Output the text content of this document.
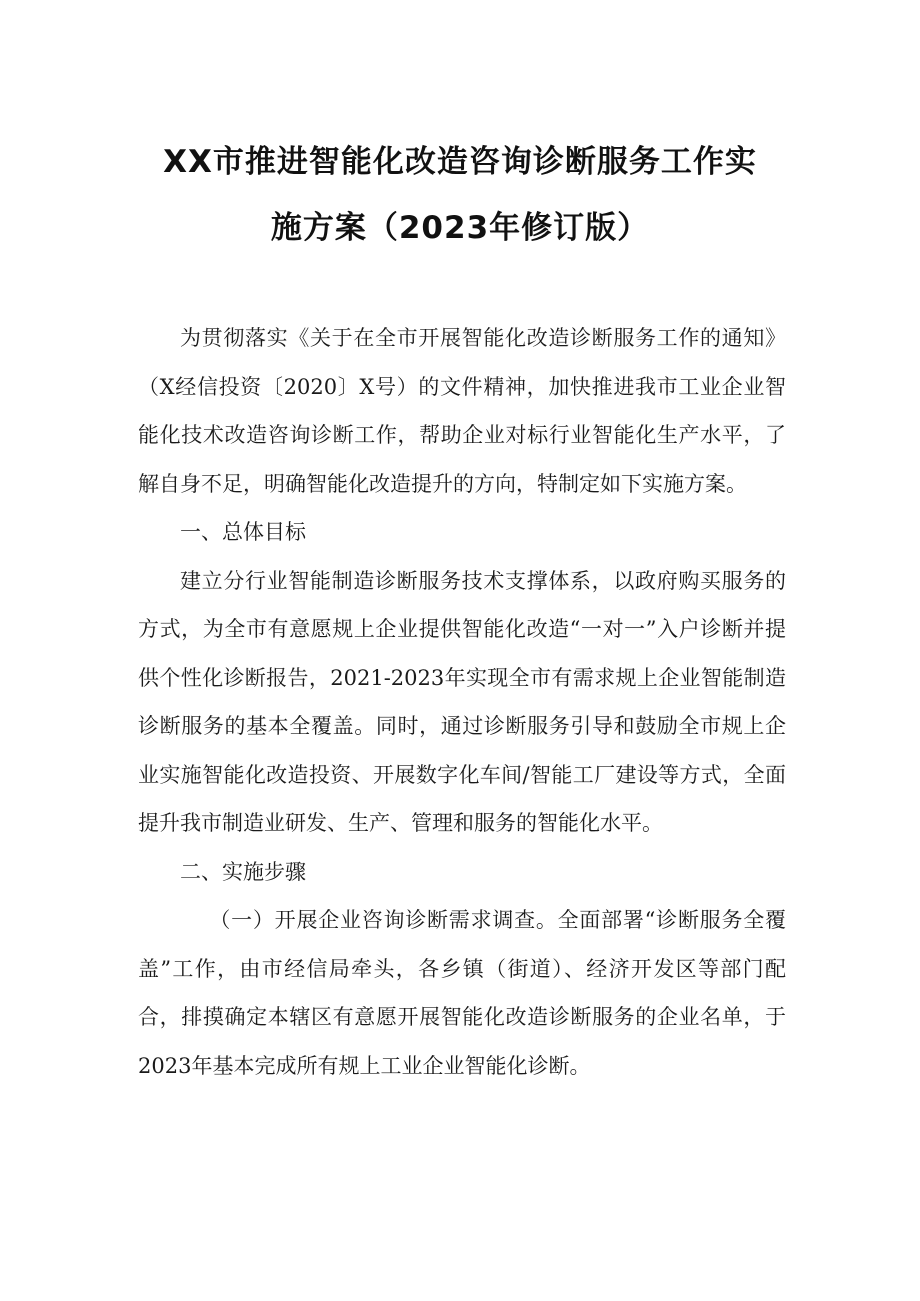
XX市推进智能化改造咨询诊断服务工作实
施方案（2023年修订版）

为贯彻落实《关于在全市开展智能化改造诊断服务工作的通知》（X经信投资〔2020〕X号）的文件精神，加快推进我市工业企业智能化技术改造咨询诊断工作，帮助企业对标行业智能化生产水平，了解自身不足，明确智能化改造提升的方向，特制定如下实施方案。

一、总体目标

建立分行业智能制造诊断服务技术支撑体系，以政府购买服务的方式，为全市有意愿规上企业提供智能化改造“一对一”入户诊断并提供个性化诊断报告，2021-2023年实现全市有需求规上企业智能制造诊断服务的基本全覆盖。同时，通过诊断服务引导和鼓励全市规上企业实施智能化改造投资、开展数字化车间/智能工厂建设等方式，全面提升我市制造业研发、生产、管理和服务的智能化水平。

二、实施步骤

（一）开展企业咨询诊断需求调查。全面部署“诊断服务全覆盖”工作，由市经信局牵头，各乡镇（街道）、经济开发区等部门配合，排摸确定本辖区有意愿开展智能化改造诊断服务的企业名单，于2023年基本完成所有规上工业企业智能化诊断。
